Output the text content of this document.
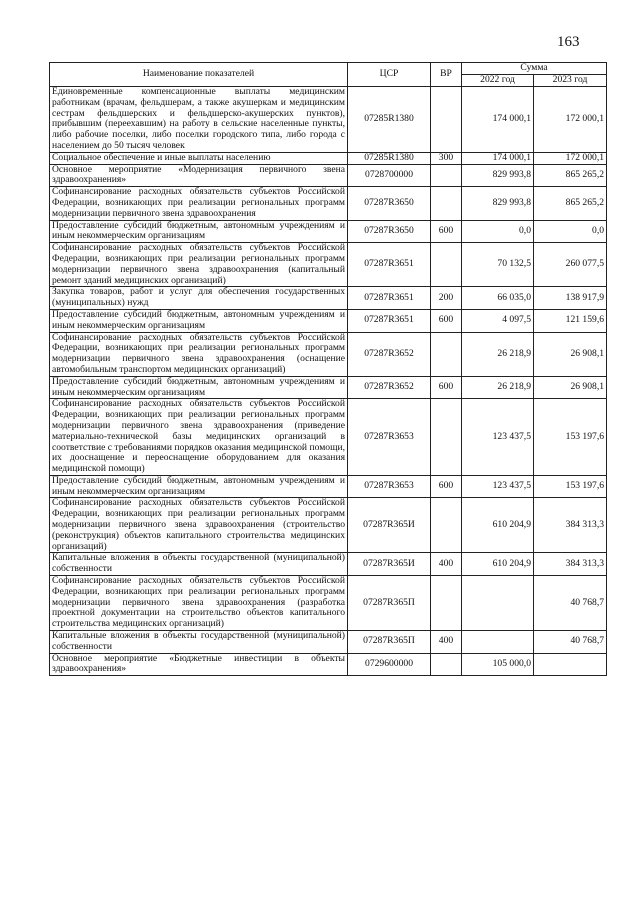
163
Наименование показателей	ЦСР	ВР	Сумма	
			2022 год	2023 год
Единовременные компенсационные выплаты медицинским работникам (врачам, фельдшерам, а также акушеркам и медицинским сестрам фельдшерских и фельдшерско-акушерских пунктов), прибывшим (переехавшим) на работу в сельские населенные пункты, либо рабочие поселки, либо поселки городского типа, либо города с населением до 50 тысяч человек	07285R1380		174 000,1	172 000,1
Социальное обеспечение и иные выплаты населению	07285R1380	300	174 000,1	172 000,1
Основное мероприятие «Модернизация первичного звена здравоохранения»	0728700000		829 993,8	865 265,2
Софинансирование расходных обязательств субъектов Российской Федерации, возникающих при реализации региональных программ модернизации первичного звена здравоохранения	07287R3650		829 993,8	865 265,2
Предоставление субсидий бюджетным, автономным учреждениям и иным некоммерческим организациям	07287R3650	600	0,0	0,0
Софинансирование расходных обязательств субъектов Российской Федерации, возникающих при реализации региональных программ модернизации первичного звена здравоохранения (капитальный ремонт зданий медицинских организаций)	07287R3651		70 132,5	260 077,5
Закупка товаров, работ и услуг для обеспечения государственных (муниципальных) нужд	07287R3651	200	66 035,0	138 917,9
Предоставление субсидий бюджетным, автономным учреждениям и иным некоммерческим организациям	07287R3651	600	4 097,5	121 159,6
Софинансирование расходных обязательств субъектов Российской Федерации, возникающих при реализации региональных программ модернизации первичного звена здравоохранения (оснащение автомобильным транспортом медицинских организаций)	07287R3652		26 218,9	26 908,1
Предоставление субсидий бюджетным, автономным учреждениям и иным некоммерческим организациям	07287R3652	600	26 218,9	26 908,1
Софинансирование расходных обязательств субъектов Российской Федерации, возникающих при реализации региональных программ модернизации первичного звена здравоохранения (приведение материально-технической базы медицинских организаций в соответствие с требованиями порядков оказания медицинской помощи, их дооснащение и переоснащение оборудованием для оказания медицинской помощи)	07287R3653		123 437,5	153 197,6
Предоставление субсидий бюджетным, автономным учреждениям и иным некоммерческим организациям	07287R3653	600	123 437,5	153 197,6
Софинансирование расходных обязательств субъектов Российской Федерации, возникающих при реализации региональных программ модернизации первичного звена здравоохранения (строительство (реконструкция) объектов капитального строительства медицинских организаций)	07287R365И		610 204,9	384 313,3
Капитальные вложения в объекты государственной (муниципальной) собственности	07287R365И	400	610 204,9	384 313,3
Софинансирование расходных обязательств субъектов Российской Федерации, возникающих при реализации региональных программ модернизации первичного звена здравоохранения (разработка проектной документации на строительство объектов капитального строительства медицинских организаций)	07287R365П			40 768,7
Капитальные вложения в объекты государственной (муниципальной) собственности	07287R365П	400		40 768,7
Основное мероприятие «Бюджетные инвестиции в объекты здравоохранения»	0729600000		105 000,0	
